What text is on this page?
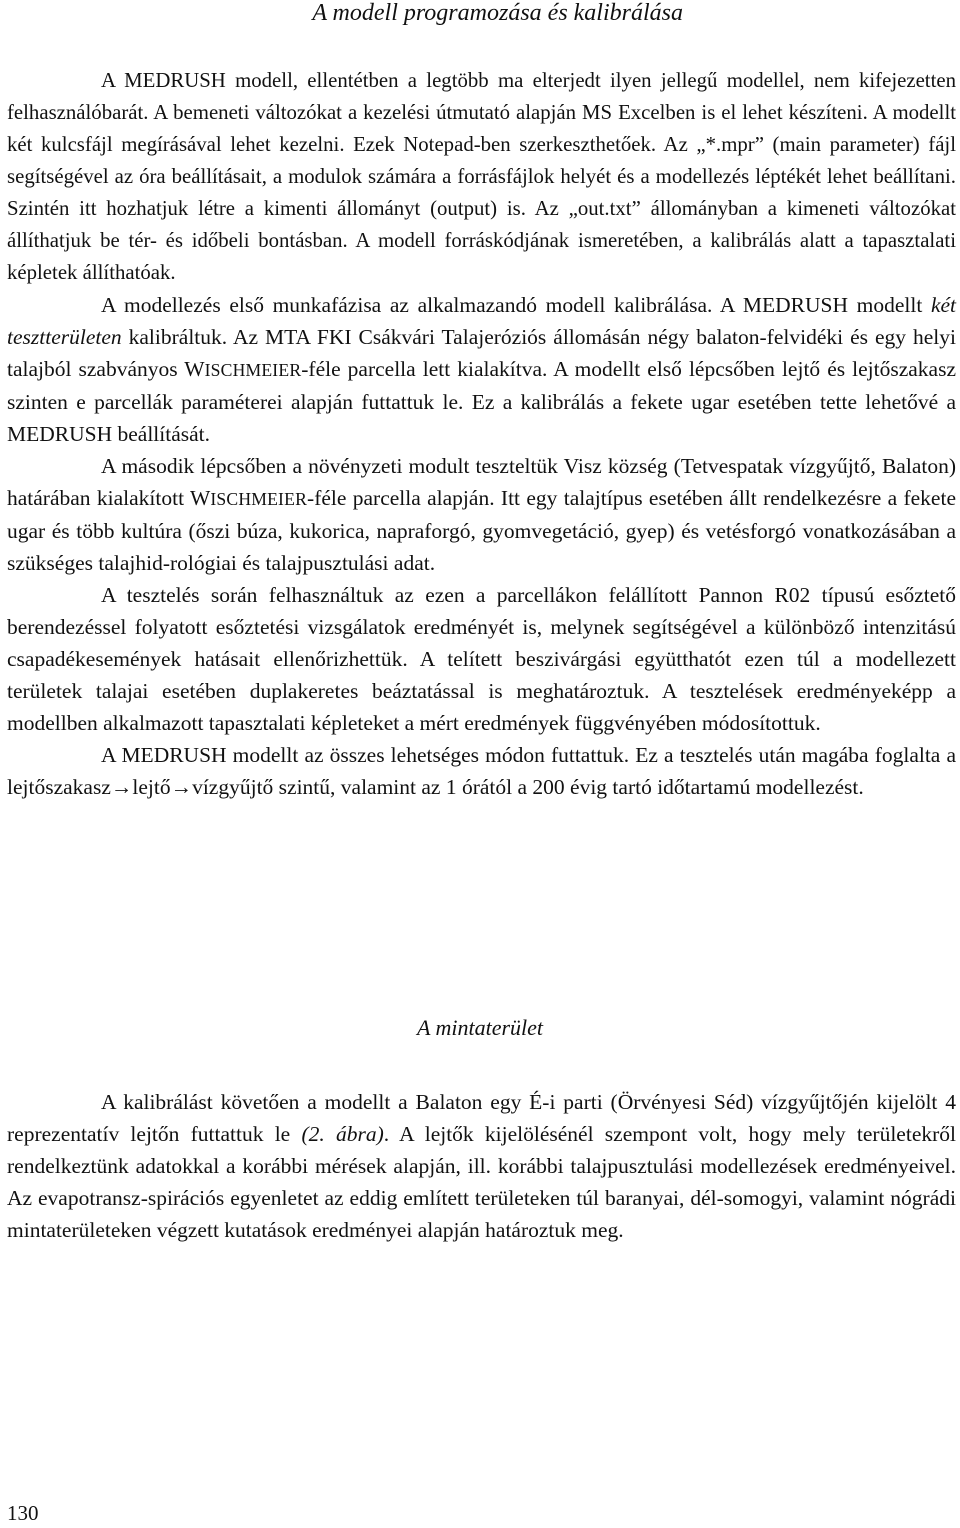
A modell programozása és kalibrálása

A MEDRUSH modell, ellentétben a legtöbb ma elterjedt ilyen jellegű modellel, nem kifejezetten felhasználóbarát. A bemeneti változókat a kezelési útmutató alapján MS Excelben is el lehet készíteni. A modellt két kulcsfájl megírásával lehet kezelni. Ezek Notepad-ben szerkeszthetőek. Az „*.mpr” (main parameter) fájl segítségével az óra beállításait, a modulok számára a forrásfájlok helyét és a modellezés léptékét lehet beállítani. Szintén itt hozhatjuk létre a kimenti állományt (output) is. Az „out.txt” állományban a kimeneti változókat állíthatjuk be tér- és időbeli bontásban. A modell forráskódjának ismeretében, a kalibrálás alatt a tapasztalati képletek állíthatóak.

A modellezés első munkafázisa az alkalmazandó modell kalibrálása. A MEDRUSH modellt két tesztterületen kalibráltuk. Az MTA FKI Csákvári Talajeróziós állomásán négy balaton-felvidéki és egy helyi talajból szabványos WISCHMEIER-féle parcella lett kialakítva. A modellt első lépcsőben lejtő és lejtőszakasz szinten e parcellák paraméterei alapján futtattuk le. Ez a kalibrálás a fekete ugar esetében tette lehetővé a MEDRUSH beállítását.

A második lépcsőben a növényzeti modult teszteltük Visz község (Tetvespatak vízgyűjtő, Balaton) határában kialakított WISCHMEIER-féle parcella alapján. Itt egy talajtípus esetében állt rendelkezésre a fekete ugar és több kultúra (őszi búza, kukorica, napraforgó, gyomvegetáció, gyep) és vetésforgó vonatkozásában a szükséges talajhid-rológiai és talajpusztulási adat.

A tesztelés során felhasználtuk az ezen a parcellákon felállított Pannon R02 típusú esőztető berendezéssel folyatott esőztetési vizsgálatok eredményét is, melynek segítségével a különböző intenzitású csapadékesemények hatásait ellenőrizhettük. A telített beszivárgási együtthatót ezen túl a modellezett területek talajai esetében duplakeretes beáztatással is meghatároztuk. A tesztelések eredményeképp a modellben alkalmazott tapasztalati képleteket a mért eredmények függvényében módosítottuk.

A MEDRUSH modellt az összes lehetséges módon futtattuk. Ez a tesztelés után magába foglalta a lejtőszakasz→lejtő→vízgyűjtő szintű, valamint az 1 órától a 200 évig tartó időtartamú modellezést.

A mintaterület

A kalibrálást követően a modellt a Balaton egy É-i parti (Örvényesi Séd) vízgyűjtőjén kijelölt 4 reprezentatív lejtőn futtattuk le (2. ábra). A lejtők kijelölésénél szempont volt, hogy mely területekről rendelkeztünk adatokkal a korábbi mérések alapján, ill. korábbi talajpusztulási modellezések eredményeivel. Az evapotransz-spirációs egyenletet az eddig említett területeken túl baranyai, dél-somogyi, valamint nógrádi mintaterületeken végzett kutatások eredményei alapján határoztuk meg.

130
